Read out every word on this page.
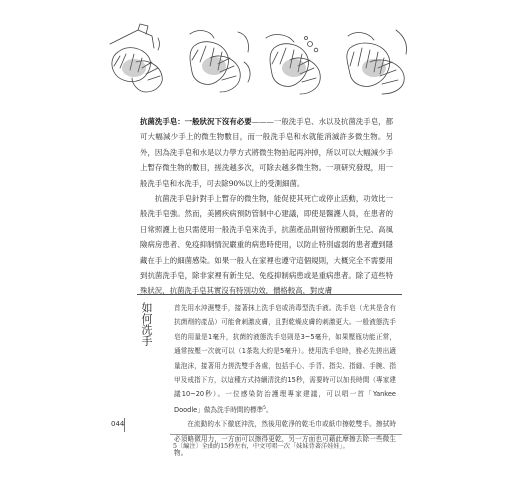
抗菌洗手皂：一般狀況下沒有必要———一般洗手皂、水以及抗菌洗手皂，都可大幅減少手上的微生物數目，而一般洗手皂和水就能消滅許多微生物。另外，因為洗手皂和水是以力學方式將微生物拍起再沖掉，所以可以大幅減少手上暫存微生物的數目，搓洗越多次，可除去越多微生物。一項研究發現，用一般洗手皂和水洗手，可去除90%以上的受測細菌。

抗菌洗手皂針對手上暫存的微生物，能促使其死亡或停止活動，功效比一般洗手皂強。然而，美國疾病預防管制中心建議，即使是醫護人員，在患者的日常照護上也只需使用一般洗手皂來洗手，抗菌產品則留待照顧新生兒、高風險病房患者、免疫抑制情況嚴重的病患時使用，以防止特別虛弱的患者遭到隱藏在手上的細菌感染。如果一般人在家裡也遵守這個規則，大概完全不需要用到抗菌洗手皂，除非家裡有新生兒、免疫抑制病患或是重病患者。除了這些特殊狀況，抗菌洗手皂其實沒有特別功效，價格較高，對皮膚

如何洗手	首先用水沖濕雙手，接著抹上洗手皂或消毒型洗手液。洗手皂（尤其是含有抗菌劑的產品）可能會刺激皮膚，且對乾燥皮膚的刺激更大。一般液態洗手皂的用量是1毫升，抗菌的液態洗手皂則是3~5毫升，如果壓瓶功能正常，通常按壓一次就可以（1茶匙大約是5毫升）。使用洗手皂時，務必先搓出適量泡沫，接著用力搓洗雙手各處，包括手心、手背、指尖、指縫、手腕、指甲及戒指下方，以這種方式持續清洗約15秒，需要時可以加長時間（專家建議10~20秒）。一位感染防治護理專家建議，可以唱一首「Yankee Doodle」做為洗手時間的標準$^5$。

在流動的水下徹底沖洗，然後用乾淨的乾毛巾或紙巾擦乾雙手。擦拭時必須略微用力，一方面可以擦得更乾，另一方面也可藉此摩擦去除一些微生物。

5〔編注〕全曲約15秒左右，中文可唱一次「妹妹背著洋娃娃」。
044
